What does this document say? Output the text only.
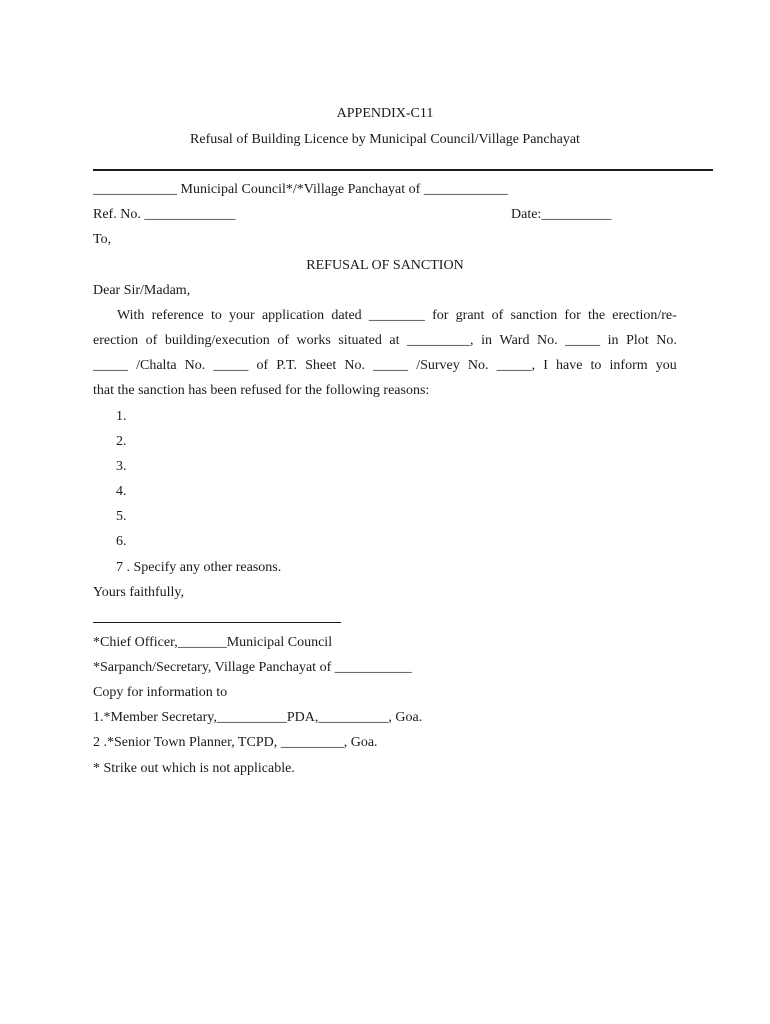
APPENDIX-C11
Refusal of Building Licence by Municipal Council/Village Panchayat
____________ Municipal Council*/*Village Panchayat of ____________
Ref. No. _____________	Date:__________
To,
REFUSAL OF SANCTION
Dear Sir/Madam,
With reference to your application dated ________ for grant of sanction for the erection/re-
erection of building/execution of works situated at _________, in Ward No. _____ in Plot No.
_____ /Chalta No. _____ of P.T. Sheet No. _____ /Survey No. _____, I have to inform you
that the sanction has been refused for the following reasons:
1.
2.
3.
4.
5.
6.
7 . Specify any other reasons.
Yours faithfully,
*Chief Officer,_______Municipal Council
*Sarpanch/Secretary, Village Panchayat of ___________
Copy for information to
1.*Member Secretary,__________PDA,__________, Goa.
2 .*Senior Town Planner, TCPD, _________, Goa.
* Strike out which is not applicable.
